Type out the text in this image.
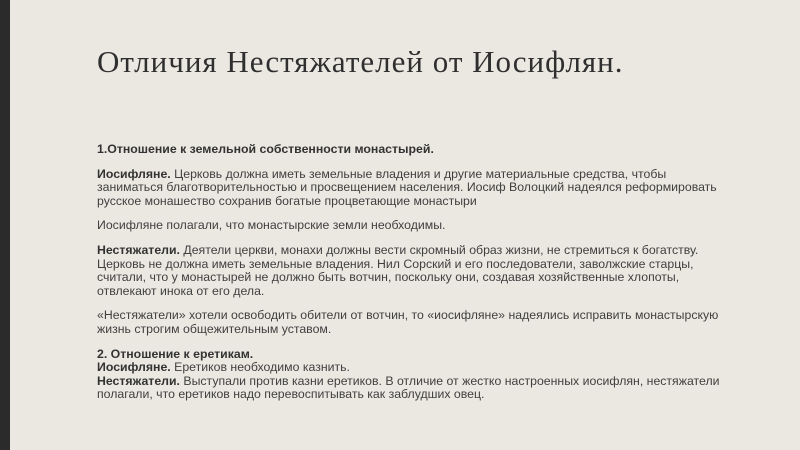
Отличия Нестяжателей от Иосифлян.

1.Отношение к земельной собственности монастырей.

Иосифляне. Церковь должна иметь земельные владения и другие материальные средства, чтобы заниматься благотворительностью и просвещением населения. Иосиф Волоцкий надеялся реформировать русское монашество сохранив богатые процветающие монастыри

Иосифляне полагали, что монастырские земли необходимы.

Нестяжатели. Деятели церкви, монахи должны вести скромный образ жизни, не стремиться к богатству. Церковь не должна иметь земельные владения. Нил Сорский и его последователи, заволжские старцы, считали, что у монастырей не должно быть вотчин, поскольку они, создавая хозяйственные хлопоты, отвлекают инока от его дела.

«Нестяжатели» хотели освободить обители от вотчин, то «иосифляне» надеялись исправить монастырскую жизнь строгим общежительным уставом.

2. Отношение к еретикам.

Иосифляне. Еретиков необходимо казнить.

Нестяжатели. Выступали против казни еретиков. В отличие от жестко настроенных иосифлян, нестяжатели полагали, что еретиков надо перевоспитывать как заблудших овец.
